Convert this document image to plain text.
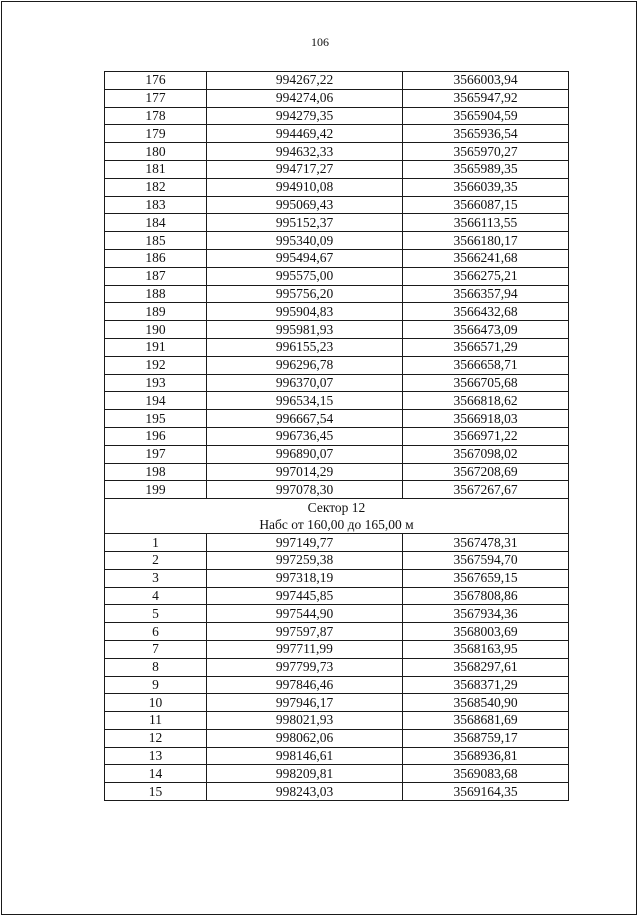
106
176	994267,22	3566003,94
177	994274,06	3565947,92
178	994279,35	3565904,59
179	994469,42	3565936,54
180	994632,33	3565970,27
181	994717,27	3565989,35
182	994910,08	3566039,35
183	995069,43	3566087,15
184	995152,37	3566113,55
185	995340,09	3566180,17
186	995494,67	3566241,68
187	995575,00	3566275,21
188	995756,20	3566357,94
189	995904,83	3566432,68
190	995981,93	3566473,09
191	996155,23	3566571,29
192	996296,78	3566658,71
193	996370,07	3566705,68
194	996534,15	3566818,62
195	996667,54	3566918,03
196	996736,45	3566971,22
197	996890,07	3567098,02
198	997014,29	3567208,69
199	997078,30	3567267,67

Сектор 12
Набс от 160,00 до 165,00 м		

1	997149,77	3567478,31
2	997259,38	3567594,70
3	997318,19	3567659,15
4	997445,85	3567808,86
5	997544,90	3567934,36
6	997597,87	3568003,69
7	997711,99	3568163,95
8	997799,73	3568297,61
9	997846,46	3568371,29
10	997946,17	3568540,90
11	998021,93	3568681,69
12	998062,06	3568759,17
13	998146,61	3568936,81
14	998209,81	3569083,68
15	998243,03	3569164,35
